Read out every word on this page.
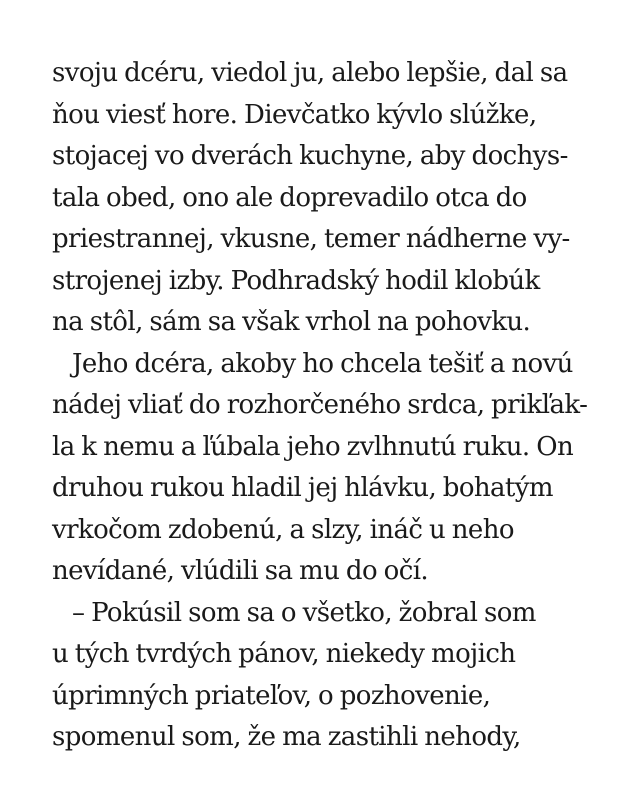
svoju dcéru, viedol ju, alebo lepšie, dal sa
ňou viesť hore. Dievčatko kývlo slúžke,
stojacej vo dverách kuchyne, aby dochys-
tala obed, ono ale doprevadilo otca do
priestrannej, vkusne, temer nádherne vy-
strojenej izby. Podhradský hodil klobúk
na stôl, sám sa však vrhol na pohovku.
Jeho dcéra, akoby ho chcela tešiť a novú
nádej vliať do rozhorčeného srdca, prikľak-
la k nemu a ľúbala jeho zvlhnutú ruku. On
druhou rukou hladil jej hlávku, bohatým
vrkočom zdobenú, a slzy, ináč u neho
nevídané, vlúdili sa mu do očí.
– Pokúsil som sa o všetko, žobral som
u tých tvrdých pánov, niekedy mojich
úprimných priateľov, o pozhovenie,
spomenul som, že ma zastihli nehody,
